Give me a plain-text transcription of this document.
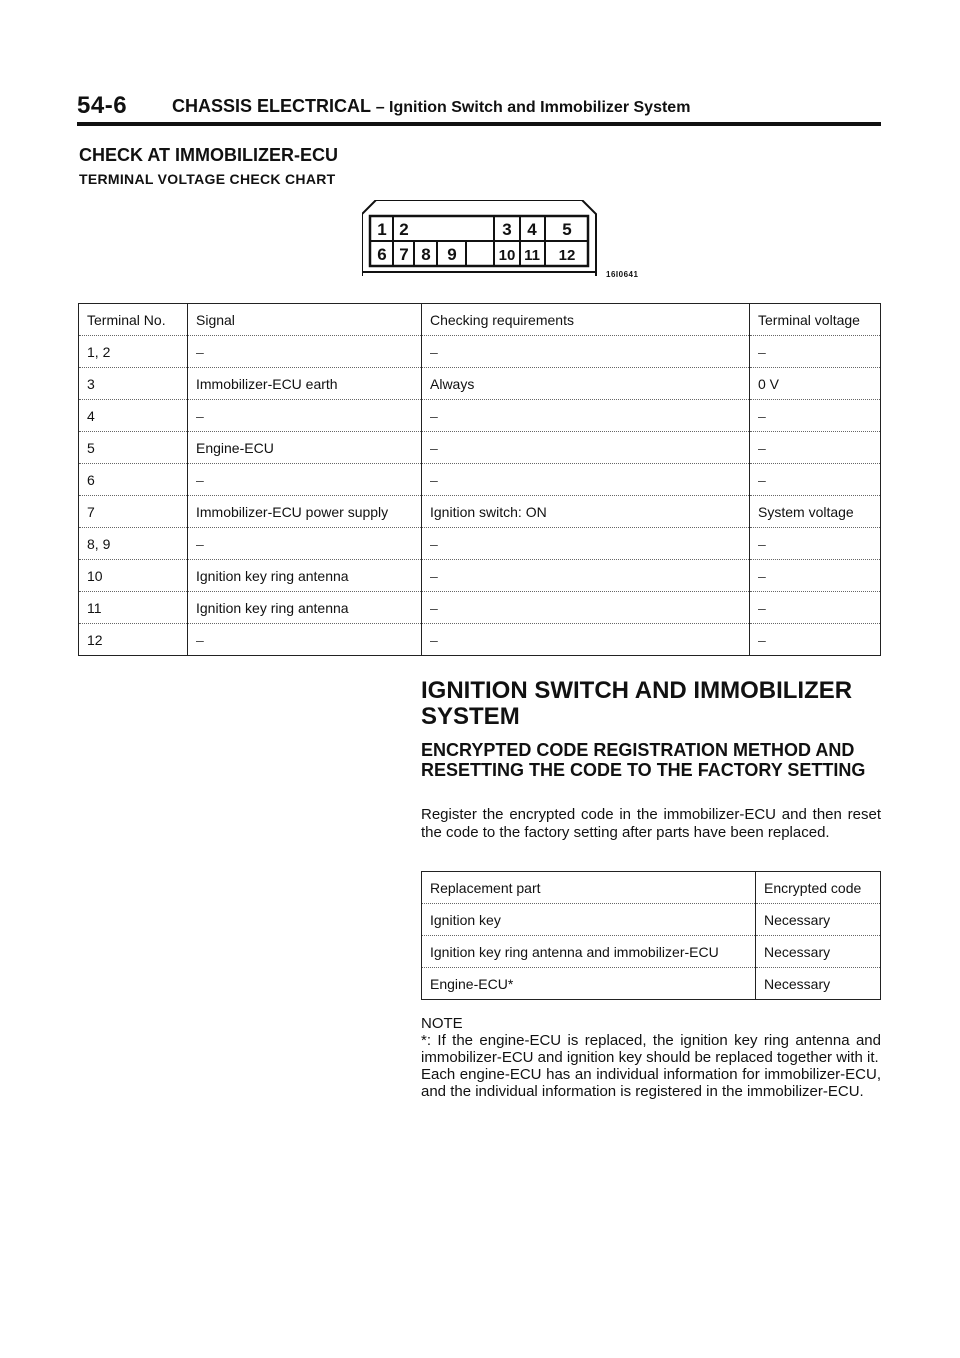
54-6 CHASSIS ELECTRICAL – Ignition Switch and Immobilizer System
CHECK AT IMMOBILIZER-ECU
TERMINAL VOLTAGE CHECK CHART
1 2	3 4 5
6 7 8 9	10 11 12
16I0641
Terminal No.	Signal	Checking requirements	Terminal voltage
1, 2	–	–	–
3	Immobilizer-ECU earth	Always	0 V
4	–	–	–
5	Engine-ECU	–	–
6	–	–	–
7	Immobilizer-ECU power supply	Ignition switch: ON	System voltage
8, 9	–	–	–
10	Ignition key ring antenna	–	–
11	Ignition key ring antenna	–	–
12	–	–	–
IGNITION SWITCH AND IMMOBILIZER SYSTEM
ENCRYPTED CODE REGISTRATION METHOD AND RESETTING THE CODE TO THE FACTORY SETTING
Register the encrypted code in the immobilizer-ECU and then reset the code to the factory setting after parts have been replaced.
Replacement part	Encrypted code
Ignition key	Necessary
Ignition key ring antenna and immobilizer-ECU	Necessary
Engine-ECU*	Necessary
NOTE
*: If the engine-ECU is replaced, the ignition key ring antenna and immobilizer-ECU and ignition key should be replaced together with it.
Each engine-ECU has an individual information for immobilizer-ECU, and the individual information is registered in the immobilizer-ECU.
